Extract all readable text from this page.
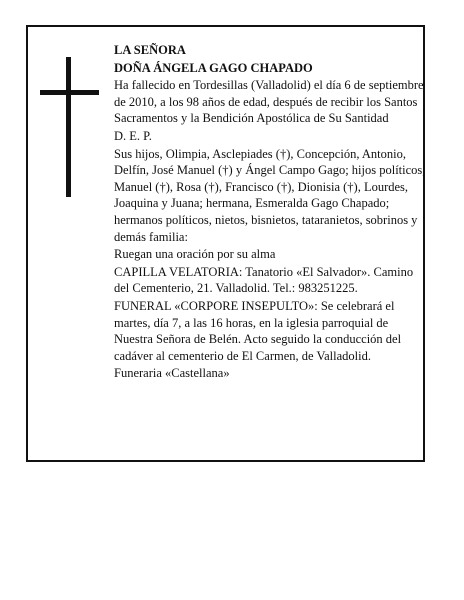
LA SEÑORA

DOÑA ÁNGELA GAGO CHAPADO

Ha fallecido en Tordesillas (Valladolid) el día 6 de septiembre de 2010, a los 98 años de edad, después de recibir los Santos Sacramentos y la Bendición Apostólica de Su Santidad

D. E. P.

Sus hijos, Olimpia, Asclepiades (†), Concepción, Antonio, Delfín, José Manuel (†) y Ángel Campo Gago; hijos políticos, Manuel (†), Rosa (†), Francisco (†), Dionisia (†), Lourdes, Joaquina y Juana; hermana, Esmeralda Gago Chapado; hermanos políticos, nietos, bisnietos, tataranietos, sobrinos y demás familia:

Ruegan una oración por su alma

CAPILLA VELATORIA: Tanatorio «El Salvador». Camino del Cementerio, 21. Valladolid. Tel.: 983251225.

FUNERAL «CORPORE INSEPULTO»: Se celebrará el martes, día 7, a las 16 horas, en la iglesia parroquial de Nuestra Señora de Belén. Acto seguido la conducción del cadáver al cementerio de El Carmen, de Valladolid.

Funeraria «Castellana»
